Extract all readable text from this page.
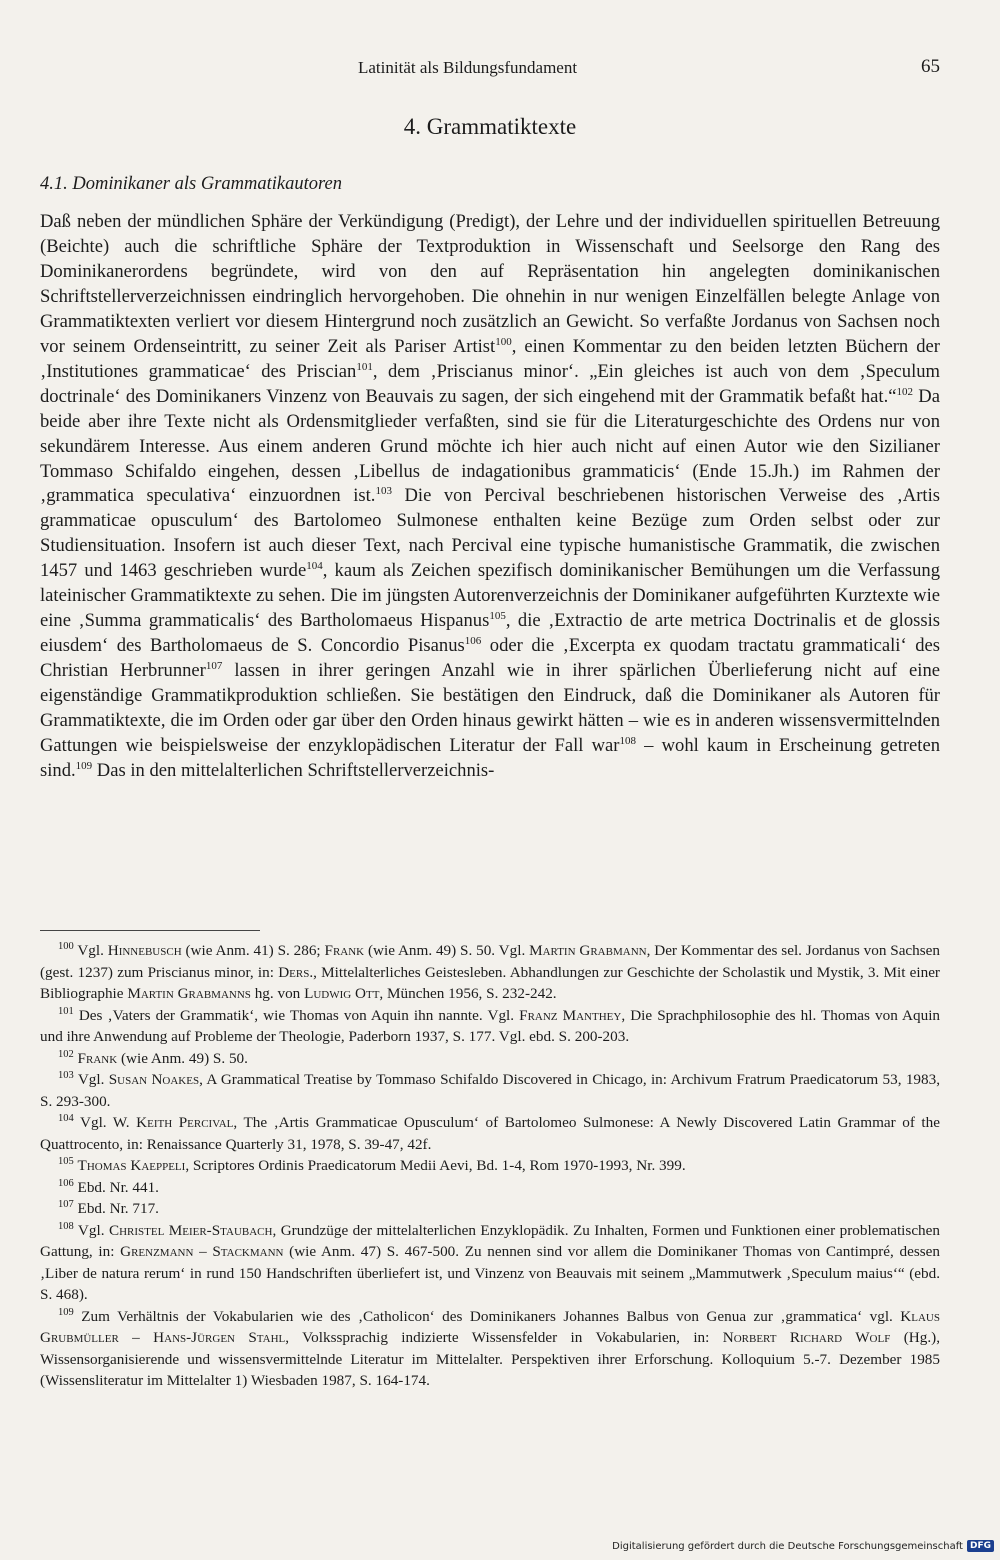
Latinität als Bildungsfundament	65
4. Grammatiktexte
4.1. Dominikaner als Grammatikautoren

Daß neben der mündlichen Sphäre der Verkündigung (Predigt), der Lehre und der individuellen spirituellen Betreuung (Beichte) auch die schriftliche Sphäre der Textproduktion in Wissenschaft und Seelsorge den Rang des Dominikanerordens begründete, wird von den auf Repräsentation hin angelegten dominikanischen Schriftstellerverzeichnissen eindringlich hervorgehoben. Die ohnehin in nur wenigen Einzelfällen belegte Anlage von Grammatiktexten verliert vor diesem Hintergrund noch zusätzlich an Gewicht. So verfaßte Jordanus von Sachsen noch vor seinem Ordenseintritt, zu seiner Zeit als Pariser Artist$^{100}$, einen Kommentar zu den beiden letzten Büchern der ‚Institutiones grammaticae‘ des Priscian$^{101}$, dem ‚Priscianus minor‘. „Ein gleiches ist auch von dem ‚Speculum doctrinale‘ des Dominikaners Vinzenz von Beauvais zu sagen, der sich eingehend mit der Grammatik befaßt hat.“$^{102}$ Da beide aber ihre Texte nicht als Ordensmitglieder verfaßten, sind sie für die Literaturgeschichte des Ordens nur von sekundärem Interesse. Aus einem anderen Grund möchte ich hier auch nicht auf einen Autor wie den Sizilianer Tommaso Schifaldo eingehen, dessen ‚Libellus de indagationibus grammaticis‘ (Ende 15.Jh.) im Rahmen der ‚grammatica speculativa‘ einzuordnen ist.$^{103}$ Die von Percival beschriebenen historischen Verweise des ‚Artis grammaticae opusculum‘ des Bartolomeo Sulmonese enthalten keine Bezüge zum Orden selbst oder zur Studiensituation. Insofern ist auch dieser Text, nach Percival eine typische humanistische Grammatik, die zwischen 1457 und 1463 geschrieben wurde$^{104}$, kaum als Zeichen spezifisch dominikanischer Bemühungen um die Verfassung lateinischer Grammatiktexte zu sehen. Die im jüngsten Autorenverzeichnis der Dominikaner aufgeführten Kurztexte wie eine ‚Summa grammaticalis‘ des Bartholomaeus Hispanus$^{105}$, die ‚Extractio de arte metrica Doctrinalis et de glossis eiusdem‘ des Bartholomaeus de S. Concordio Pisanus$^{106}$ oder die ‚Excerpta ex quodam tractatu grammaticali‘ des Christian Herbrunner$^{107}$ lassen in ihrer geringen Anzahl wie in ihrer spärlichen Überlieferung nicht auf eine eigenständige Grammatikproduktion schließen. Sie bestätigen den Eindruck, daß die Dominikaner als Autoren für Grammatiktexte, die im Orden oder gar über den Orden hinaus gewirkt hätten – wie es in anderen wissensvermittelnden Gattungen wie beispielsweise der enzyklopädischen Literatur der Fall war$^{108}$ – wohl kaum in Erscheinung getreten sind.$^{109}$ Das in den mittelalterlichen Schriftstellerverzeichnis-

$^{100}$ Vgl. Hinnebusch (wie Anm. 41) S. 286; Frank (wie Anm. 49) S. 50. Vgl. Martin Grabmann, Der Kommentar des sel. Jordanus von Sachsen (gest. 1237) zum Priscianus minor, in: Ders., Mittelalterliches Geistesleben. Abhandlungen zur Geschichte der Scholastik und Mystik, 3. Mit einer Bibliographie Martin Grabmanns hg. von Ludwig Ott, München 1956, S. 232-242.

$^{101}$ Des ‚Vaters der Grammatik‘, wie Thomas von Aquin ihn nannte. Vgl. Franz Manthey, Die Sprachphilosophie des hl. Thomas von Aquin und ihre Anwendung auf Probleme der Theologie, Paderborn 1937, S. 177. Vgl. ebd. S. 200-203.

$^{102}$ Frank (wie Anm. 49) S. 50.

$^{103}$ Vgl. Susan Noakes, A Grammatical Treatise by Tommaso Schifaldo Discovered in Chicago, in: Archivum Fratrum Praedicatorum 53, 1983, S. 293-300.

$^{104}$ Vgl. W. Keith Percival, The ‚Artis Grammaticae Opusculum‘ of Bartolomeo Sulmonese: A Newly Discovered Latin Grammar of the Quattrocento, in: Renaissance Quarterly 31, 1978, S. 39-47, 42f.

$^{105}$ Thomas Kaeppeli, Scriptores Ordinis Praedicatorum Medii Aevi, Bd. 1-4, Rom 1970-1993, Nr. 399.

$^{106}$ Ebd. Nr. 441.

$^{107}$ Ebd. Nr. 717.

$^{108}$ Vgl. Christel Meier-Staubach, Grundzüge der mittelalterlichen Enzyklopädik. Zu Inhalten, Formen und Funktionen einer problematischen Gattung, in: Grenzmann – Stackmann (wie Anm. 47) S. 467-500. Zu nennen sind vor allem die Dominikaner Thomas von Cantimpré, dessen ‚Liber de natura rerum‘ in rund 150 Handschriften überliefert ist, und Vinzenz von Beauvais mit seinem „Mammutwerk ‚Speculum maius‘“ (ebd. S. 468).

$^{109}$ Zum Verhältnis der Vokabularien wie des ‚Catholicon‘ des Dominikaners Johannes Balbus von Genua zur ‚grammatica‘ vgl. Klaus Grubmüller – Hans-Jürgen Stahl, Volkssprachig indizierte Wissensfelder in Vokabularien, in: Norbert Richard Wolf (Hg.), Wissensorganisierende und wissensvermittelnde Literatur im Mittelalter. Perspektiven ihrer Erforschung. Kolloquium 5.-7. Dezember 1985 (Wissensliteratur im Mittelalter 1) Wiesbaden 1987, S. 164-174.

Digitalisierung gefördert durch die Deutsche Forschungsgemeinschaft DFG
